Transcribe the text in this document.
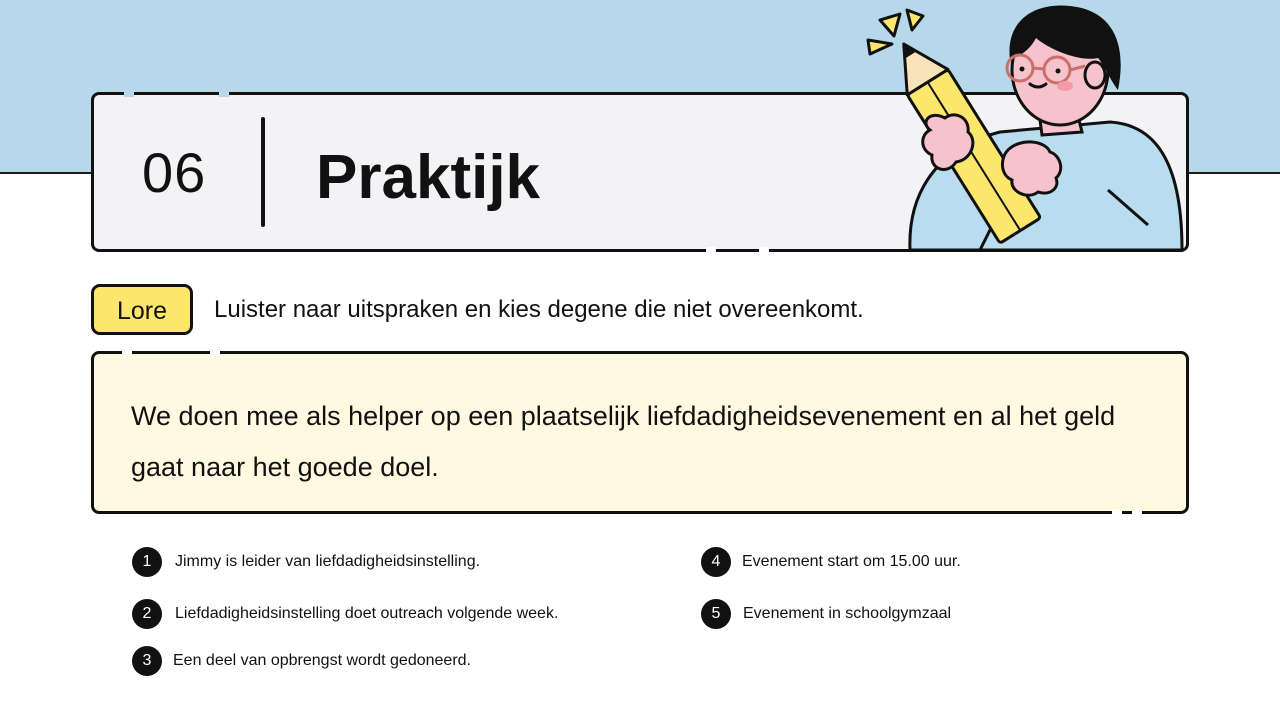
06	Praktijk
Lore	Luister naar uitspraken en kies degene die niet overeenkomt.
We doen mee als helper op een plaatselijk liefdadigheidsevenement en al het geld gaat naar het goede doel.
1	Jimmy is leider van liefdadigheidsinstelling.
2	Liefdadigheidsinstelling doet outreach volgende week.
3	Een deel van opbrengst wordt gedoneerd.
4	Evenement start om 15.00 uur.
5	Evenement in schoolgymzaal
